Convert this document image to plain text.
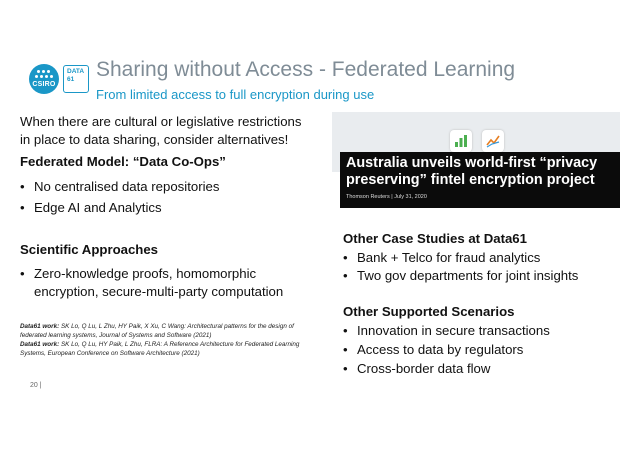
CSIRO
DATA
61	Sharing without Access - Federated Learning
From limited access to full encryption during use
When there are cultural or legislative restrictions
in place to data sharing, consider alternatives!
Federated Model: “Data Co-Ops”
• No centralised data repositories
• Edge AI and Analytics
Scientific Approaches
• Zero-knowledge proofs, homomorphic
encryption, secure-multi-party computation
Data61 work: SK Lo, Q Lu, L Zhu, HY Paik, X Xu, C Wang: Architectural patterns for the design of federated learning systems, Journal of Systems and Software (2021)
Data61 work: SK Lo, Q Lu, HY Paik, L Zhu, FLRA: A Reference Architecture for Federated Learning Systems, European Conference on Software Architecture (2021)
20 |
Australia unveils world-first “privacy
preserving” fintel encryption project
Thomson Reuters | July 31, 2020
Other Case Studies at Data61
• Bank + Telco for fraud analytics
• Two gov departments for joint insights
Other Supported Scenarios
• Innovation in secure transactions
• Access to data by regulators
• Cross-border data flow
